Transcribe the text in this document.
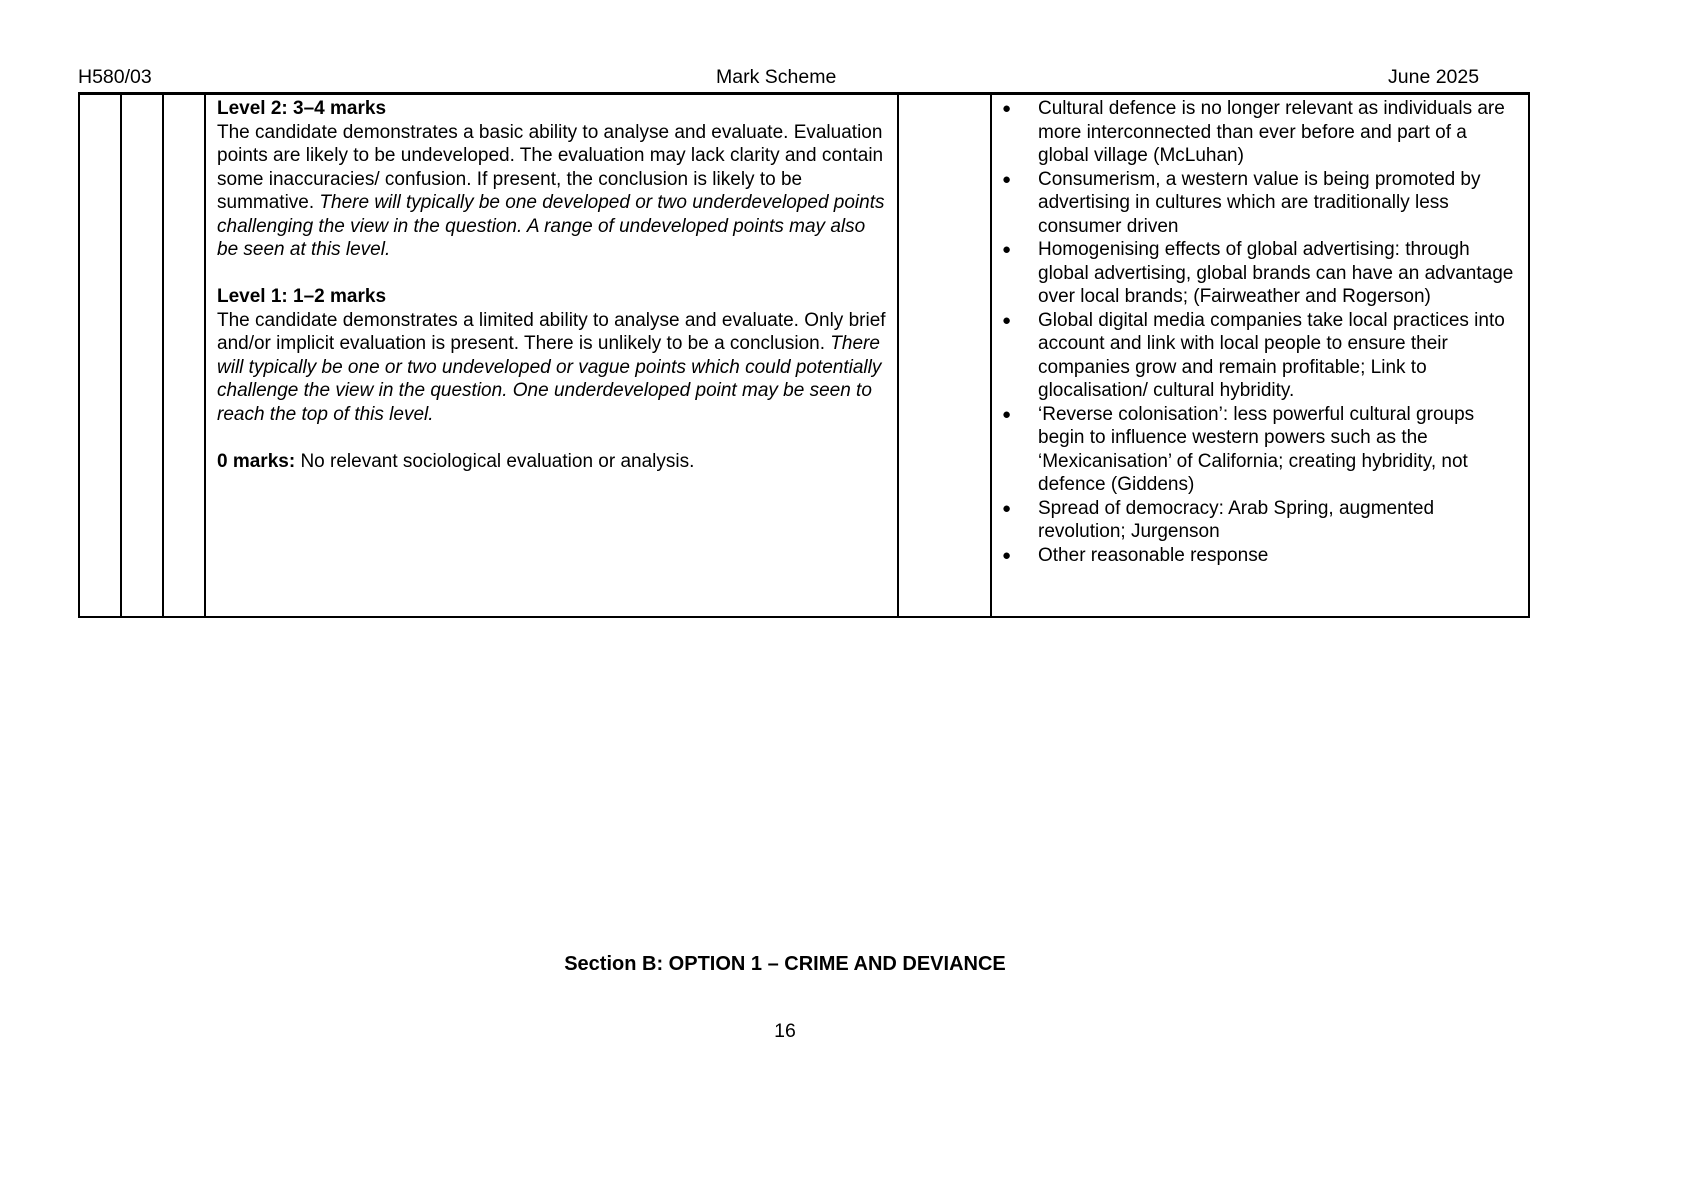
H580/03	Mark Scheme	June 2025

Level 2: 3–4 marks
The candidate demonstrates a basic ability to analyse and evaluate. Evaluation points are likely to be undeveloped. The evaluation may lack clarity and contain some inaccuracies/ confusion. If present, the conclusion is likely to be summative. There will typically be one developed or two underdeveloped points challenging the view in the question. A range of undeveloped points may also be seen at this level.

Level 1: 1–2 marks
The candidate demonstrates a limited ability to analyse and evaluate. Only brief and/or implicit evaluation is present. There is unlikely to be a conclusion. There will typically be one or two undeveloped or vague points which could potentially challenge the view in the question. One underdeveloped point may be seen to reach the top of this level.

0 marks: No relevant sociological evaluation or analysis.

● Cultural defence is no longer relevant as individuals are more interconnected than ever before and part of a global village (McLuhan)
● Consumerism, a western value is being promoted by advertising in cultures which are traditionally less consumer driven
● Homogenising effects of global advertising: through global advertising, global brands can have an advantage over local brands; (Fairweather and Rogerson)
● Global digital media companies take local practices into account and link with local people to ensure their companies grow and remain profitable; Link to glocalisation/ cultural hybridity.
● ‘Reverse colonisation’: less powerful cultural groups begin to influence western powers such as the ‘Mexicanisation’ of California; creating hybridity, not defence (Giddens)
● Spread of democracy: Arab Spring, augmented revolution; Jurgenson
● Other reasonable response
Section B: OPTION 1 – CRIME AND DEVIANCE
16
